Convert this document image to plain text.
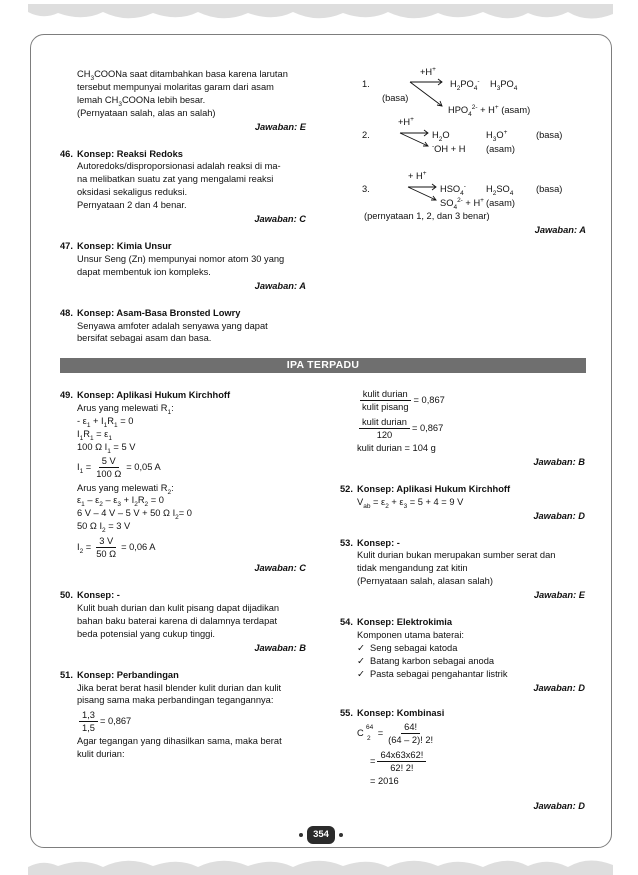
$CH_3COONa$ saat ditambahkan basa karena larutan
tersebut mempunyai molaritas garam dari asam
lemah $CH_3COONa$ lebih besar.
(Pernyataan salah, alas an salah)
Jawaban: E
46. Konsep: Reaksi Redoks
Autoredoks/disproporsionasi adalah reaksi di ma-
na melibatkan suatu zat yang mengalami reaksi
oksidasi sekaligus reduksi.
Pernyataan 2 dan 4 benar.
Jawaban: C
47. Konsep: Kimia Unsur
Unsur Seng (Zn) mempunyai nomor atom 30 yang
dapat membentuk ion kompleks.
Jawaban: A
48. Konsep: Asam-Basa Bronsted Lowry
Senyawa amfoter adalah senyawa yang dapat
bersifat sebagai asam dan basa.
+H+
1.	$H_2PO_4^-$ $H_3PO_4$
(basa)
$HPO_4^{2-} + H^+$ (asam)
+H+
2.	$H_2O$	$H_3O^+$	(basa)
-OH + H (asam)
+ H+
3.	$HSO_4^-$ $H_2SO_4$ (basa)
$SO_4^{2-} + H^+$ (asam)
(pernyataan 1, 2, dan 3 benar)
Jawaban: A
IPA TERPADU
49. Konsep: Aplikasi Hukum Kirchhoff
Arus yang melewati $R_1$:
- $\varepsilon_1 + I_1R_1 = 0$
$I_1R_1 = \varepsilon_1$
100 Ω $I_1 = 5$ V
$I_1 = \frac{5 V}{100 \Omega} = 0,05$ A
Arus yang melewati $R_2$:
$\varepsilon_1 - \varepsilon_2 - \varepsilon_3 + I_2R_2 = 0$
6 V – 4 V – 5 V + 50 Ω $I_2= 0$
50 Ω $I_2 = 3$ V
$I_2 = \frac{3 V}{50 \Omega} = 0,06$ A
Jawaban: C
50. Konsep: -
Kulit buah durian dan kulit pisang dapat dijadikan
bahan baku baterai karena di dalamnya terdapat
beda potensial yang cukup tinggi.
Jawaban: B
51. Konsep: Perbandingan
Jika berat berat hasil blender kulit durian dan kulit
pisang sama maka perbandingan tegangannya:
$\frac{1,3}{1,5} = 0,867$
Agar tegangan yang dihasilkan sama, maka berat
kulit durian:
$\frac{\text{kulit durian}}{\text{kulit pisang}} = 0,867$
$\frac{\text{kulit durian}}{120} = 0,867$
kulit durian = 104 g
Jawaban: B
52. Konsep: Aplikasi Hukum Kirchhoff
$V_{ab} = \varepsilon_2 + \varepsilon_3 = 5 + 4 = 9$ V
Jawaban: D
53. Konsep: -
Kulit durian bukan merupakan sumber serat dan
tidak mengandung zat kitin
(Pernyataan salah, alasan salah)
Jawaban: E
54. Konsep: Elektrokimia
Komponen utama baterai:
✓ Seng sebagai katoda
✓ Batang karbon sebagai anoda
✓ Pasta sebagai pengahantar listrik
Jawaban: D
55. Konsep: Kombinasi
C
64
2
= $\frac{64!}{(64 - 2)! 2!}$
= $\frac{64x63x62!}{62! 2!}$
= 2016
Jawaban: D
354
